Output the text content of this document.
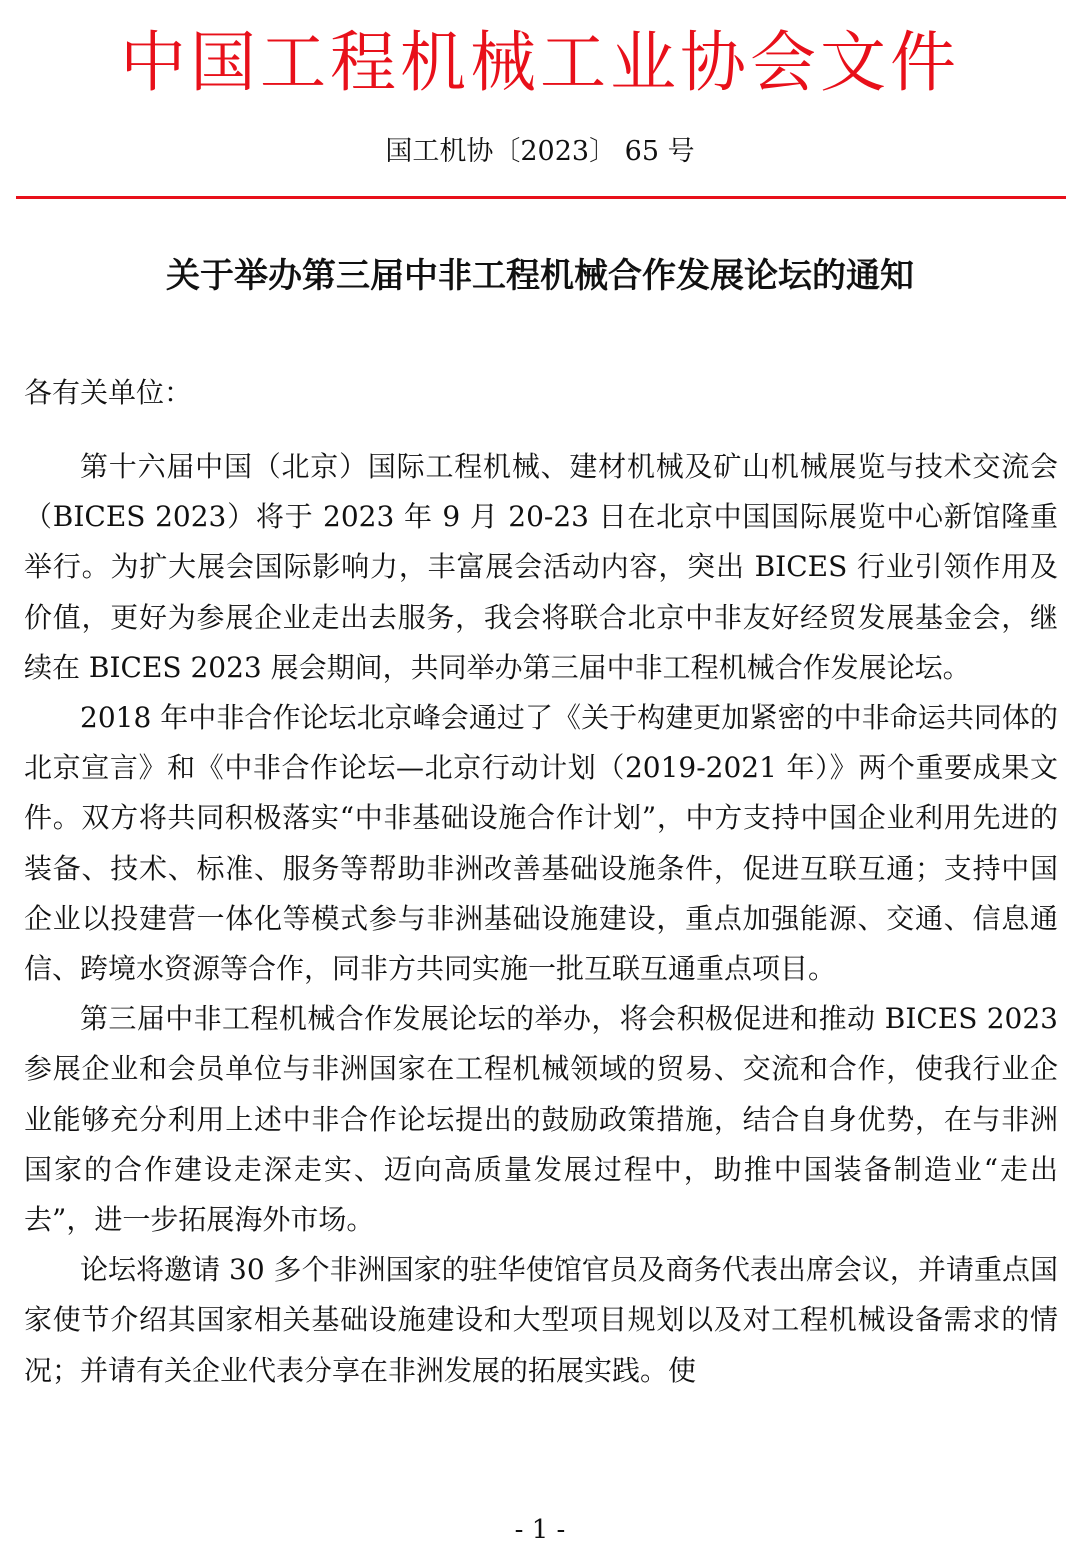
中国工程机械工业协会文件
国工机协〔2023〕 65 号
关于举办第三届中非工程机械合作发展论坛的通知
各有关单位：

第十六届中国（北京）国际工程机械、建材机械及矿山机械展览与技术交流会（BICES 2023）将于 2023 年 9 月 20-23 日在北京中国国际展览中心新馆隆重举行。为扩大展会国际影响力，丰富展会活动内容，突出 BICES 行业引领作用及价值，更好为参展企业走出去服务，我会将联合北京中非友好经贸发展基金会，继续在 BICES 2023 展会期间，共同举办第三届中非工程机械合作发展论坛。

2018 年中非合作论坛北京峰会通过了《关于构建更加紧密的中非命运共同体的北京宣言》和《中非合作论坛—北京行动计划（2019-2021 年）》两个重要成果文件。双方将共同积极落实“中非基础设施合作计划”，中方支持中国企业利用先进的装备、技术、标准、服务等帮助非洲改善基础设施条件，促进互联互通；支持中国企业以投建营一体化等模式参与非洲基础设施建设，重点加强能源、交通、信息通信、跨境水资源等合作，同非方共同实施一批互联互通重点项目。

第三届中非工程机械合作发展论坛的举办，将会积极促进和推动 BICES 2023 参展企业和会员单位与非洲国家在工程机械领域的贸易、交流和合作，使我行业企业能够充分利用上述中非合作论坛提出的鼓励政策措施，结合自身优势，在与非洲国家的合作建设走深走实、迈向高质量发展过程中，助推中国装备制造业“走出去”，进一步拓展海外市场。

论坛将邀请 30 多个非洲国家的驻华使馆官员及商务代表出席会议，并请重点国家使节介绍其国家相关基础设施建设和大型项目规划以及对工程机械设备需求的情况；并请有关企业代表分享在非洲发展的拓展实践。使

- 1 -
